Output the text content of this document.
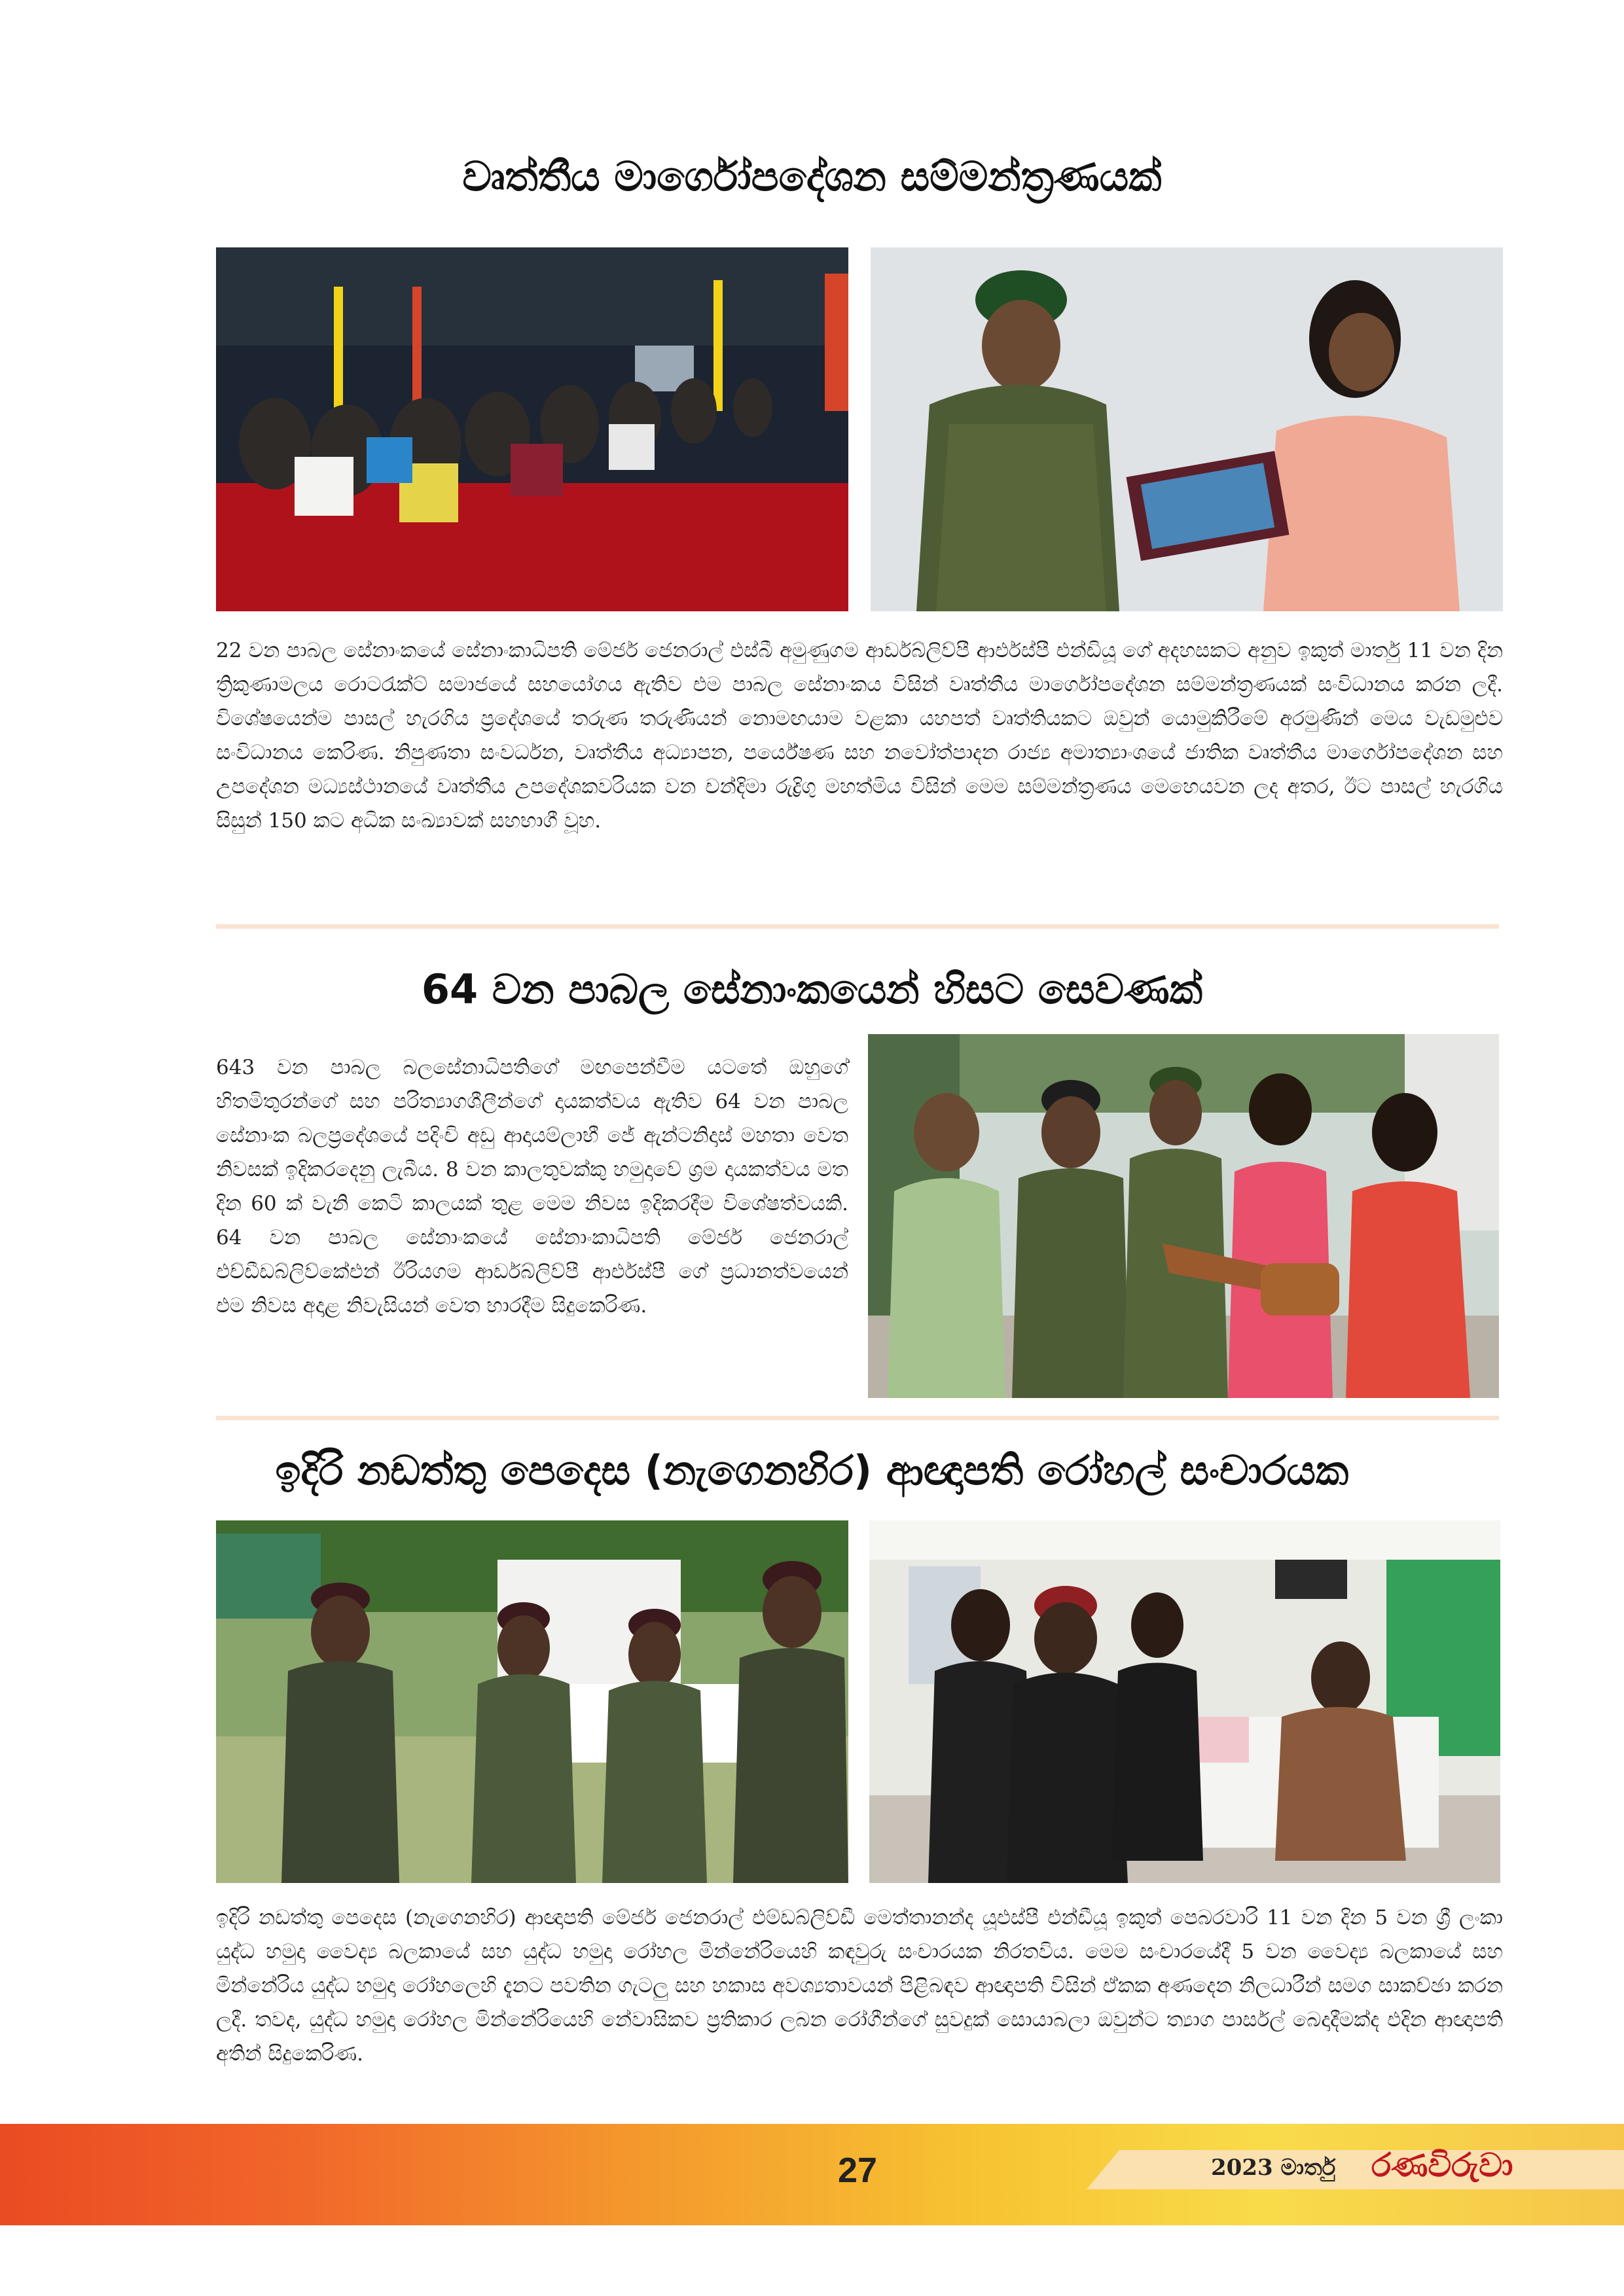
වෘත්තීය මාර්ගෝපදේශන සම්මන්ත්‍රණයක්

22 වන පාබල සේනාංකයේ සේනාංකාධිපති මේජර් ජෙනරාල් එස්බී අමුණුගම ආර්ඩබ්ලිව්පී ආර්එස්පී එන්ඩියූ ගේ අදහසකට අනුව ඉකුත් මාර්තු 11 වන දින ත්‍රිකුණාමලය රොටරැක්ට් සමාජයේ සහයෝගය ඇතිව එම පාබල සේනාංකය විසින් වෘත්තීය මාර්ගෝපදේශන සම්මන්ත්‍රණයක් සංවිධානය කරන ලදී. විශේෂයෙන්ම පාසල් හැරගිය ප්‍රදේශයේ තරුණ තරුණියන් නොමඟයාම වළකා යහපත් වෘත්තියකට ඔවුන් යොමුකිරීමේ අරමුණින් මෙය වැඩමුළුව සංවිධානය කෙරිණ. නිපුණතා සංවර්ධන, වෘත්තීය අධ්‍යාපන, පර්යේෂණ සහ නවෝත්පාදන රාජ්‍ය අමාත්‍යාංශයේ ජාතික වෘත්තීය මාර්ගෝපදේශන සහ උපදේශන මධ්‍යස්ථානයේ වෘත්තීය උපදේශකවරියක වන චන්දිමා රුද්‍රිගු මහත්මිය විසින් මෙම සම්මන්ත්‍රණය මෙහෙයවන ලද අතර, ඊට පාසල් හැරගිය සිසුන් 150 කට අධික සංඛ්‍යාවක් සහභාගී වූහ.

64 වන පාබල සේනාංකයෙන් හිසට සෙවණක්

643 වන පාබල බලසේනාධිපතිගේ මඟපෙන්වීම යටතේ ඔහුගේ හිතමිතුරන්ගේ සහ පරිත්‍යාගශීලීන්ගේ දායකත්වය ඇතිව 64 වන පාබල සේනාංක බලප්‍රදේශයේ පදිංචි අඩු ආදායම්ලාභී ජේ ඇන්ටනිදාස් මහතා වෙත නිවසක් ඉදිකරදෙනු ලැබීය. 8 වන කාලතුවක්කු හමුදාවේ ශ්‍රම දායකත්වය මත දින 60 ක් වැනි කෙටි කාලයක් තුළ මෙම නිවස ඉදිකරදීම විශේෂත්වයකි. 64 වන පාබල සේනාංකයේ සේනාංකාධිපති මේජර් ජෙනරාල් එච්ඩීඩබ්ලිව්කේඑන් ඊරියගම ආර්ඩබ්ලිව්පී ආර්එස්පී ගේ ප්‍රධානත්වයෙන් එම නිවස අදාළ නිවැසියන් වෙත භාරදීම සිදුකෙරිණ.

ඉදිරි නඩත්තු පෙදෙස (නැගෙනහිර) ආඥාපති රෝහල් සංචාරයක

ඉදිරි නඩත්තු පෙදෙස (නැගෙනහිර) ආඥාපති මේජර් ජෙනරාල් එම්ඩබ්ලිව්ඩී මෙත්තානන්ද යූඑස්පී එන්ඩීයූ ඉකුත් පෙබරවාරි 11 වන දින 5 වන ශ්‍රී ලංකා යුද්ධ හමුදා වෛද්‍ය බලකායේ සහ යුද්ධ හමුදා රෝහල මින්නේරියෙහි කඳවුරු සංචාරයක නිරතවිය. මෙම සංචාරයේදී 5 වන වෛද්‍ය බලකායේ සහ මින්නේරිය යුද්ධ හමුදා රෝහලෙහි දැනට පවතින ගැටලු සහ හකාස අවශ්‍යතාවයන් පිළිබඳව ආඥාපති විසින් ඒකක අණදෙන නිලධාරීන් සමග සාකච්ඡා කරන ලදී. තවද, යුද්ධ හමුදා රෝහල මින්නේරියෙහි නේවාසිකව ප්‍රතිකාර ලබන රෝගීන්ගේ සුවදුක් සොයාබලා ඔවුන්ට ත්‍යාග පාර්සල් බෙදාදීමක්ද එදින ආඥාපති අතින් සිදුකෙරිණ.

27	2023 මාර්තු රණවිරුවා
